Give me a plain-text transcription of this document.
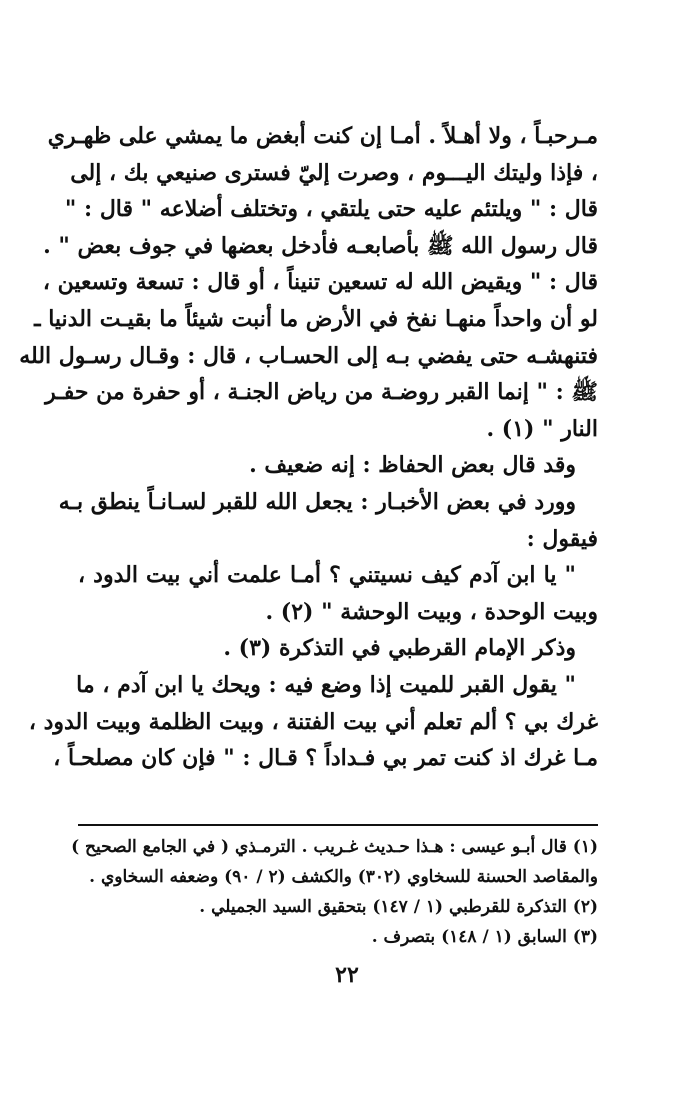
مـرحبـاً ، ولا أهـلاً . أمـا إن كنت أبغض ما يمشي على ظهـري
، فإذا وليتك اليـــوم ، وصرت إليّ فسترى صنيعي بك ، إلى
قال : " ويلتئم عليه حتى يلتقي ، وتختلف أضلاعه " قال : "
قال رسول الله ﷺ بأصابعـه فأدخل بعضها في جوف بعض " .
قال : " ويقيض الله له تسعين تنيناً ، أو قال : تسعة وتسعين ،
لو أن واحداً منهـا نفخ في الأرض ما أنبت شيئاً ما بقيـت الدنيا ـ
فتنهشـه حتى يفضي بـه إلى الحسـاب ، قال : وقـال رسـول الله
ﷺ : " إنما القبر روضـة من رياض الجنـة ، أو حفرة من حفـر
النار " (١) .
وقد قال بعض الحفاظ : إنه ضعيف .
وورد في بعض الأخبـار : يجعل الله للقبر لسـانـاً ينطق بـه
فيقول :
" يا ابن آدم كيف نسيتني ؟ أمـا علمت أني بيت الدود ،
وبيت الوحدة ، وبيت الوحشة " (٢) .
وذكر الإمام القرطبي في التذكرة (٣) .
" يقول القبر للميت إذا وضع فيه : ويحك يا ابن آدم ، ما
غرك بي ؟ ألم تعلم أني بيت الفتنة ، وبيت الظلمة وبيت الدود ،
مـا غرك اذ كنت تمر بي فـداداً ؟ قـال : " فإن كان مصلحـاً ،
(١) قال أبـو عيسى : هـذا حـديث غـريب . الترمـذي ( في الجامع الصحيح )
والمقاصد الحسنة للسخاوي (٣٠٢) والكشف (٢ / ٩٠) وضعفه السخاوي .
(٢) التذكرة للقرطبي (١ / ١٤٧) بتحقيق السيد الجميلي .
(٣) السابق (١ / ١٤٨) بتصرف .
٢٢
